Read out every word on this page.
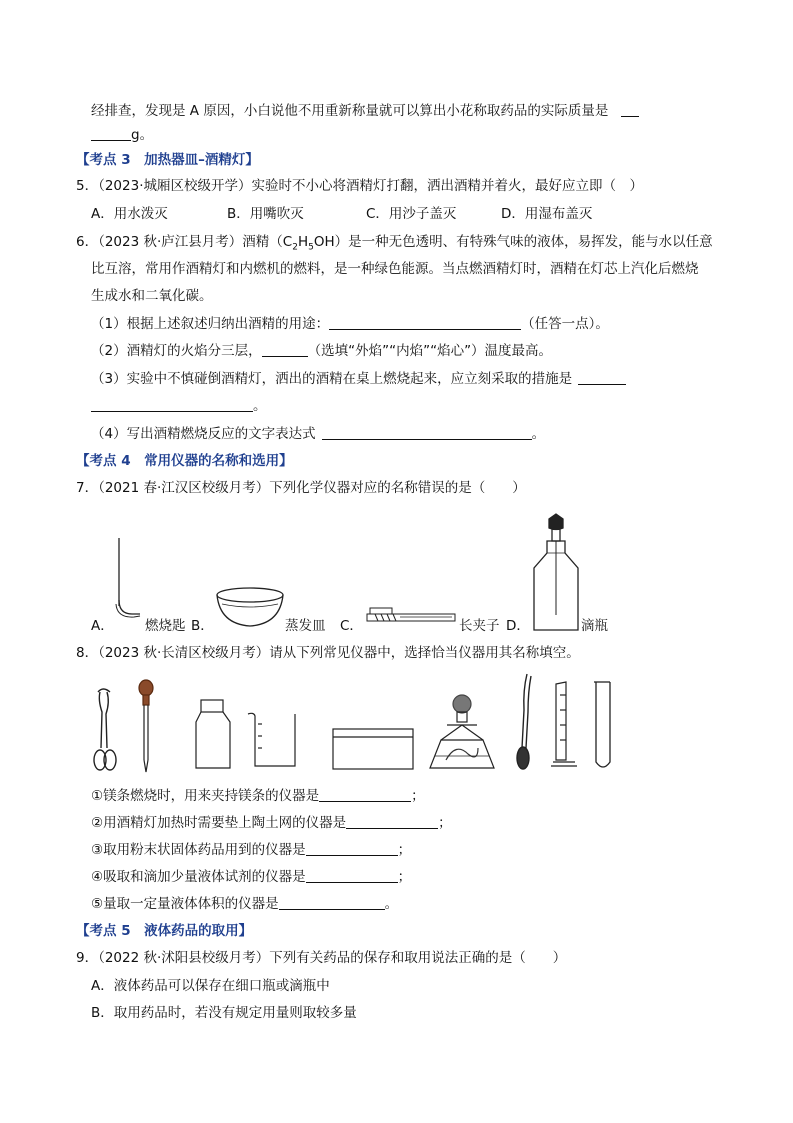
经排查，发现是 A 原因，小白说他不用重新称量就可以算出小花称取药品的实际质量是
g。
【考点 3　加热器皿–酒精灯】
5．（2023·城厢区校级开学）实验时不小心将酒精灯打翻，洒出酒精并着火，最好应立即（　）
A．用水泼灭	B．用嘴吹灭	C．用沙子盖灭	D．用湿布盖灭
6．（2023 秋·庐江县月考）酒精$(C_2H_5OH)$是一种无色透明、有特殊气味的液体，易挥发，能与水以任意
比互溶，常用作酒精灯和内燃机的燃料，是一种绿色能源。当点燃酒精灯时，酒精在灯芯上汽化后燃烧
生成水和二氧化碳。
（1）根据上述叙述归纳出酒精的用途：	（任答一点）。
（2）酒精灯的火焰分三层，	（选填“外焰”“内焰”“焰心”）温度最高。
（3）实验中不慎碰倒酒精灯，洒出的酒精在桌上燃烧起来，应立刻采取的措施是
。
（4）写出酒精燃烧反应的文字表达式	。
【考点 4　常用仪器的名称和选用】
7．（2021 春·江汉区校级月考）下列化学仪器对应的名称错误的是（　　）
A． 燃烧匙 B．	蒸发皿 C．	长夹子 D．	滴瓶
8．（2023 秋·长清区校级月考）请从下列常见仪器中，选择恰当仪器用其名称填空。
①镁条燃烧时，用来夹持镁条的仪器是	；
②用酒精灯加热时需要垫上陶土网的仪器是	；
③取用粉末状固体药品用到的仪器是	；
④吸取和滴加少量液体试剂的仪器是	；
⑤量取一定量液体体积的仪器是	。
【考点 5　液体药品的取用】
9．（2022 秋·沭阳县校级月考）下列有关药品的保存和取用说法正确的是（　　）
A．液体药品可以保存在细口瓶或滴瓶中
B．取用药品时，若没有规定用量则取较多量
